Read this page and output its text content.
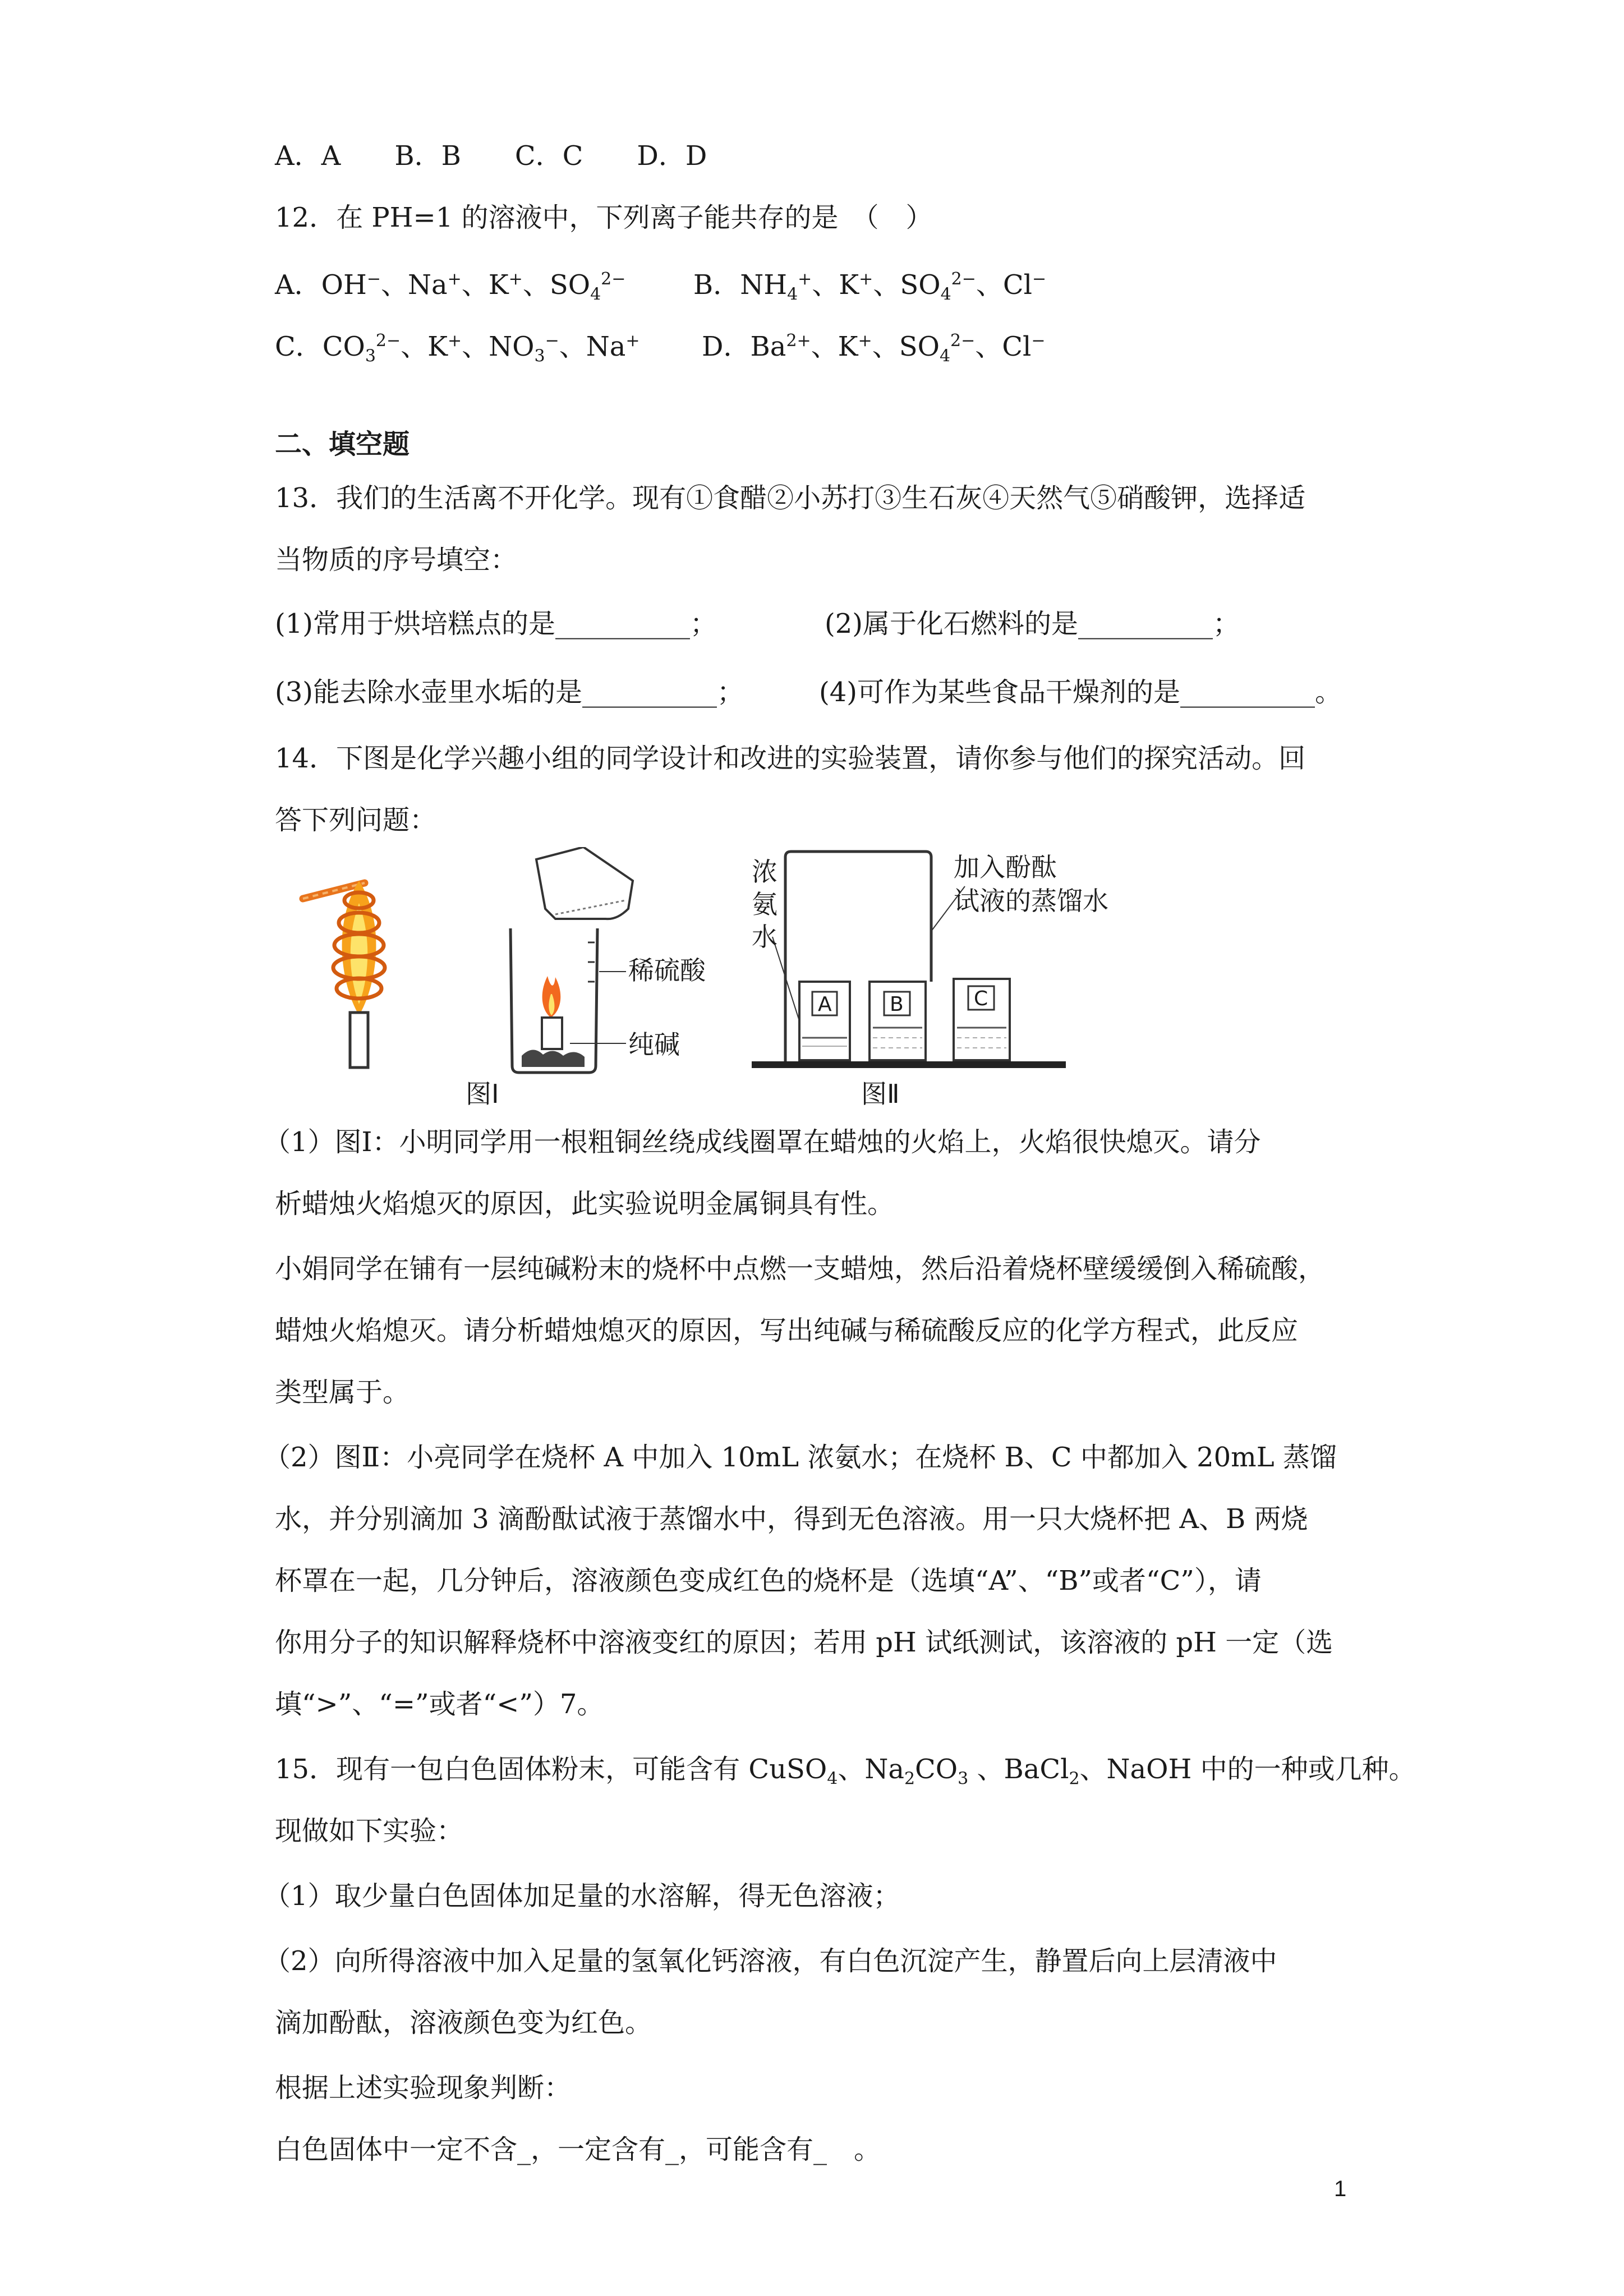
A．A　　B．B　　C．C　　D．D
12．在 PH=1 的溶液中，下列离子能共存的是　（　）
A．OH−、Na+、K+、$SO_4^{2-}$	B．$NH_4^+$、K+、$SO_4^{2-}$、Cl−
C．$CO_3^{2-}$、K+、$NO_3^-$、Na+ D．$Ba^{2+}$、K+、$SO_4^{2-}$、Cl−
二、填空题
13．我们的生活离不开化学。现有①食醋②小苏打③生石灰④天然气⑤硝酸钾，选择适
当物质的序号填空：
(1)常用于烘培糕点的是__________；	(2)属于化石燃料的是__________；
(3)能去除水壶里水垢的是__________；	(4)可作为某些食品干燥剂的是__________。
14．下图是化学兴趣小组的同学设计和改进的实验装置，请你参与他们的探究活动。回
答下列问题：
稀硫酸
纯碱
图Ⅰ
浓
氨
水
加入酚酞
试液的蒸馏水
A	B	C
图Ⅱ
（1）图Ⅰ：小明同学用一根粗铜丝绕成线圈罩在蜡烛的火焰上，火焰很快熄灭。请分
析蜡烛火焰熄灭的原因，此实验说明金属铜具有性。
小娟同学在铺有一层纯碱粉末的烧杯中点燃一支蜡烛，然后沿着烧杯壁缓缓倒入稀硫酸，
蜡烛火焰熄灭。请分析蜡烛熄灭的原因，写出纯碱与稀硫酸反应的化学方程式，此反应
类型属于。
（2）图Ⅱ：小亮同学在烧杯 A 中加入 10mL 浓氨水；在烧杯 B、C 中都加入 20mL 蒸馏
水，并分别滴加 3 滴酚酞试液于蒸馏水中，得到无色溶液。用一只大烧杯把 A、B 两烧
杯罩在一起，几分钟后，溶液颜色变成红色的烧杯是（选填“A”、“B”或者“C”），请
你用分子的知识解释烧杯中溶液变红的原因；若用 pH 试纸测试，该溶液的 pH 一定（选
填“>”、“=”或者“<”）7。
15．现有一包白色固体粉末，可能含有 CuSO$_4$、$Na_2CO_3$ 、BaCl$_2$、NaOH 中的一种或几种。
现做如下实验：
（1）取少量白色固体加足量的水溶解，得无色溶液；
（2）向所得溶液中加入足量的氢氧化钙溶液，有白色沉淀产生，静置后向上层清液中
滴加酚酞，溶液颜色变为红色。
根据上述实验现象判断：
白色固体中一定不含_，一定含有_，可能含有_　。
1
